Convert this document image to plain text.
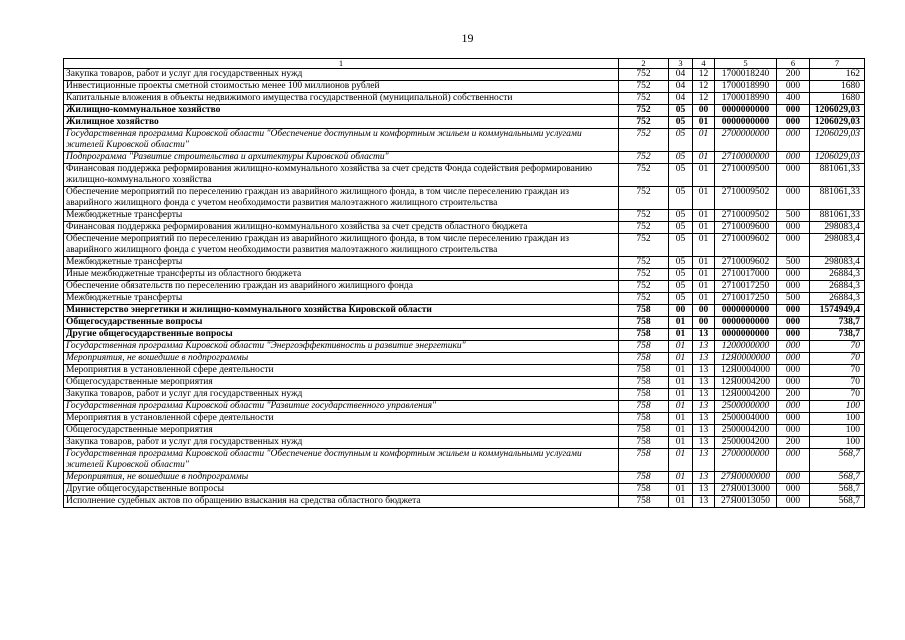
19
1	2	3	4	5	6	7
Закупка товаров, работ и услуг для государственных нужд	752	04	12	1700018240	200	162
Инвестиционные проекты сметной стоимостью менее 100 миллионов рублей	752	04	12	1700018990	000	1680
Капитальные вложения в объекты недвижимого имущества государственной (муниципальной) собственности	752	04	12	1700018990	400	1680
Жилищно-коммунальное хозяйство	752	05	00	0000000000	000	1206029,03
Жилищное хозяйство	752	05	01	0000000000	000	1206029,03
Государственная программа Кировской области "Обеспечение доступным и комфортным жильем и коммунальными услугами жителей Кировской области"	752	05	01	2700000000	000	1206029,03
Подпрограмма "Развитие строительства и архитектуры Кировской области"	752	05	01	2710000000	000	1206029,03
Финансовая поддержка реформирования жилищно-коммунального хозяйства за счет средств Фонда содействия реформированию жилищно-коммунального хозяйства	752	05	01	2710009500	000	881061,33
Обеспечение мероприятий по переселению граждан из аварийного жилищного фонда, в том числе переселению граждан из аварийного жилищного фонда с учетом необходимости развития малоэтажного жилищного строительства	752	05	01	2710009502	000	881061,33
Межбюджетные трансферты	752	05	01	2710009502	500	881061,33
Финансовая поддержка реформирования жилищно-коммунального хозяйства за счет средств областного бюджета	752	05	01	2710009600	000	298083,4
Обеспечение мероприятий по переселению граждан из аварийного жилищного фонда, в том числе переселению граждан из аварийного жилищного фонда с учетом необходимости развития малоэтажного жилищного строительства	752	05	01	2710009602	000	298083,4
Межбюджетные трансферты	752	05	01	2710009602	500	298083,4
Иные межбюджетные трансферты из областного бюджета	752	05	01	2710017000	000	26884,3
Обеспечение обязательств по переселению граждан из аварийного жилищного фонда	752	05	01	2710017250	000	26884,3
Межбюджетные трансферты	752	05	01	2710017250	500	26884,3
Министерство энергетики и жилищно-коммунального хозяйства Кировской области	758	00	00	0000000000	000	1574949,4
Общегосударственные вопросы	758	01	00	0000000000	000	738,7
Другие общегосударственные вопросы	758	01	13	0000000000	000	738,7
Государственная программа Кировской области "Энергоэффективность и развитие энергетики"	758	01	13	1200000000	000	70
Мероприятия, не вошедшие в подпрограммы	758	01	13	12Я0000000	000	70
Мероприятия в установленной сфере деятельности	758	01	13	12Я0004000	000	70
Общегосударственные мероприятия	758	01	13	12Я0004200	000	70
Закупка товаров, работ и услуг для государственных нужд	758	01	13	12Я0004200	200	70
Государственная программа Кировской области "Развитие государственного управления"	758	01	13	2500000000	000	100
Мероприятия в установленной сфере деятельности	758	01	13	2500004000	000	100
Общегосударственные мероприятия	758	01	13	2500004200	000	100
Закупка товаров, работ и услуг для государственных нужд	758	01	13	2500004200	200	100
Государственная программа Кировской области "Обеспечение доступным и комфортным жильем и коммунальными услугами жителей Кировской области"	758	01	13	2700000000	000	568,7
Мероприятия, не вошедшие в подпрограммы	758	01	13	27Я0000000	000	568,7
Другие общегосударственные вопросы	758	01	13	27Я0013000	000	568,7
Исполнение судебных актов по обращению взыскания на средства областного бюджета	758	01	13	27Я0013050	000	568,7
